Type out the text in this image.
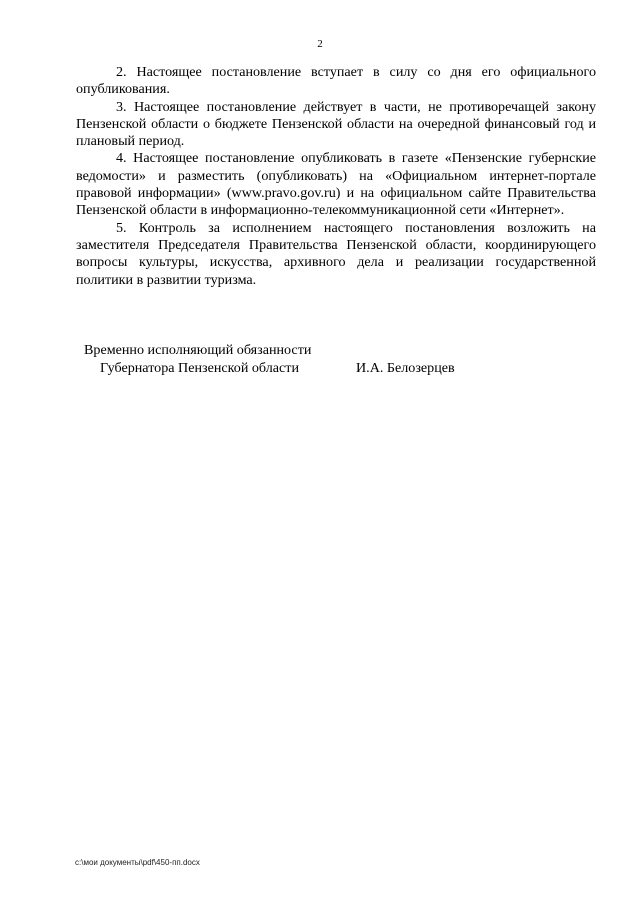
2

2. Настоящее постановление вступает в силу со дня его официального опубликования.

3. Настоящее постановление действует в части, не противоречащей закону Пензенской области о бюджете Пензенской области на очередной финансовый год и плановый период.

4. Настоящее постановление опубликовать в газете «Пензенские губернские ведомости» и разместить (опубликовать) на «Официальном интернет-портале правовой информации» (www.pravo.gov.ru) и на официальном сайте Правительства Пензенской области в информационно-телекоммуникационной сети «Интернет».

5. Контроль за исполнением настоящего постановления возложить на заместителя Председателя Правительства Пензенской области, координирующего вопросы культуры, искусства, архивного дела и реализации государственной политики в развитии туризма.

Временно исполняющий обязанности
Губернатора Пензенской области	И.А. Белозерцев
c:\мои документы\pdf\450-пп.docx
